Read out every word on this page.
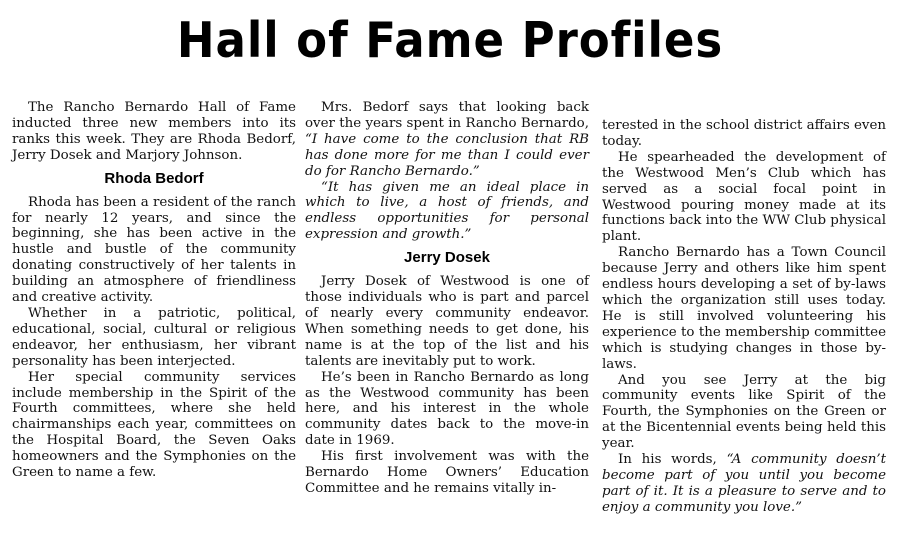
Hall of Fame Profiles

The Rancho Bernardo Hall of Fame inducted three new members into its ranks this week. They are Rhoda Bedorf, Jerry Dosek and Marjory Johnson.

Rhoda Bedorf

Rhoda has been a resident of the ranch for nearly 12 years, and since the beginning, she has been active in the hustle and bustle of the community donating constructively of her talents in building an atmosphere of friendliness and creative activity.

Whether in a patriotic, political, educational, social, cultural or religious endeavor, her enthusiasm, her vibrant personality has been interjected.

Her special community services include membership in the Spirit of the Fourth committees, where she held chairmanships each year, committees on the Hospital Board, the Seven Oaks homeowners and the Symphonies on the Green to name a few.

Mrs. Bedorf says that looking back over the years spent in Rancho Bernardo, “I have come to the conclusion that RB has done more for me than I could ever do for Rancho Bernardo.”

“It has given me an ideal place in which to live, a host of friends, and endless opportunities for personal expression and growth.”

Jerry Dosek

Jerry Dosek of Westwood is one of those individuals who is part and parcel of nearly every community endeavor. When something needs to get done, his name is at the top of the list and his talents are inevitably put to work.

He’s been in Rancho Bernardo as long as the Westwood community has been here, and his interest in the whole community dates back to the move-in date in 1969.

His first involvement was with the Bernardo Home Owners’ Education Committee and he remains vitally in-

terested in the school district affairs even today.

He spearheaded the development of the Westwood Men’s Club which has served as a social focal point in Westwood pouring money made at its functions back into the WW Club physical plant.

Rancho Bernardo has a Town Council because Jerry and others like him spent endless hours developing a set of by-laws which the organization still uses today. He is still involved volunteering his experience to the membership committee which is studying changes in those by-laws.

And you see Jerry at the big community events like Spirit of the Fourth, the Symphonies on the Green or at the Bicentennial events being held this year.

In his words, “A community doesn’t become part of you until you become part of it. It is a pleasure to serve and to enjoy a community you love.”
